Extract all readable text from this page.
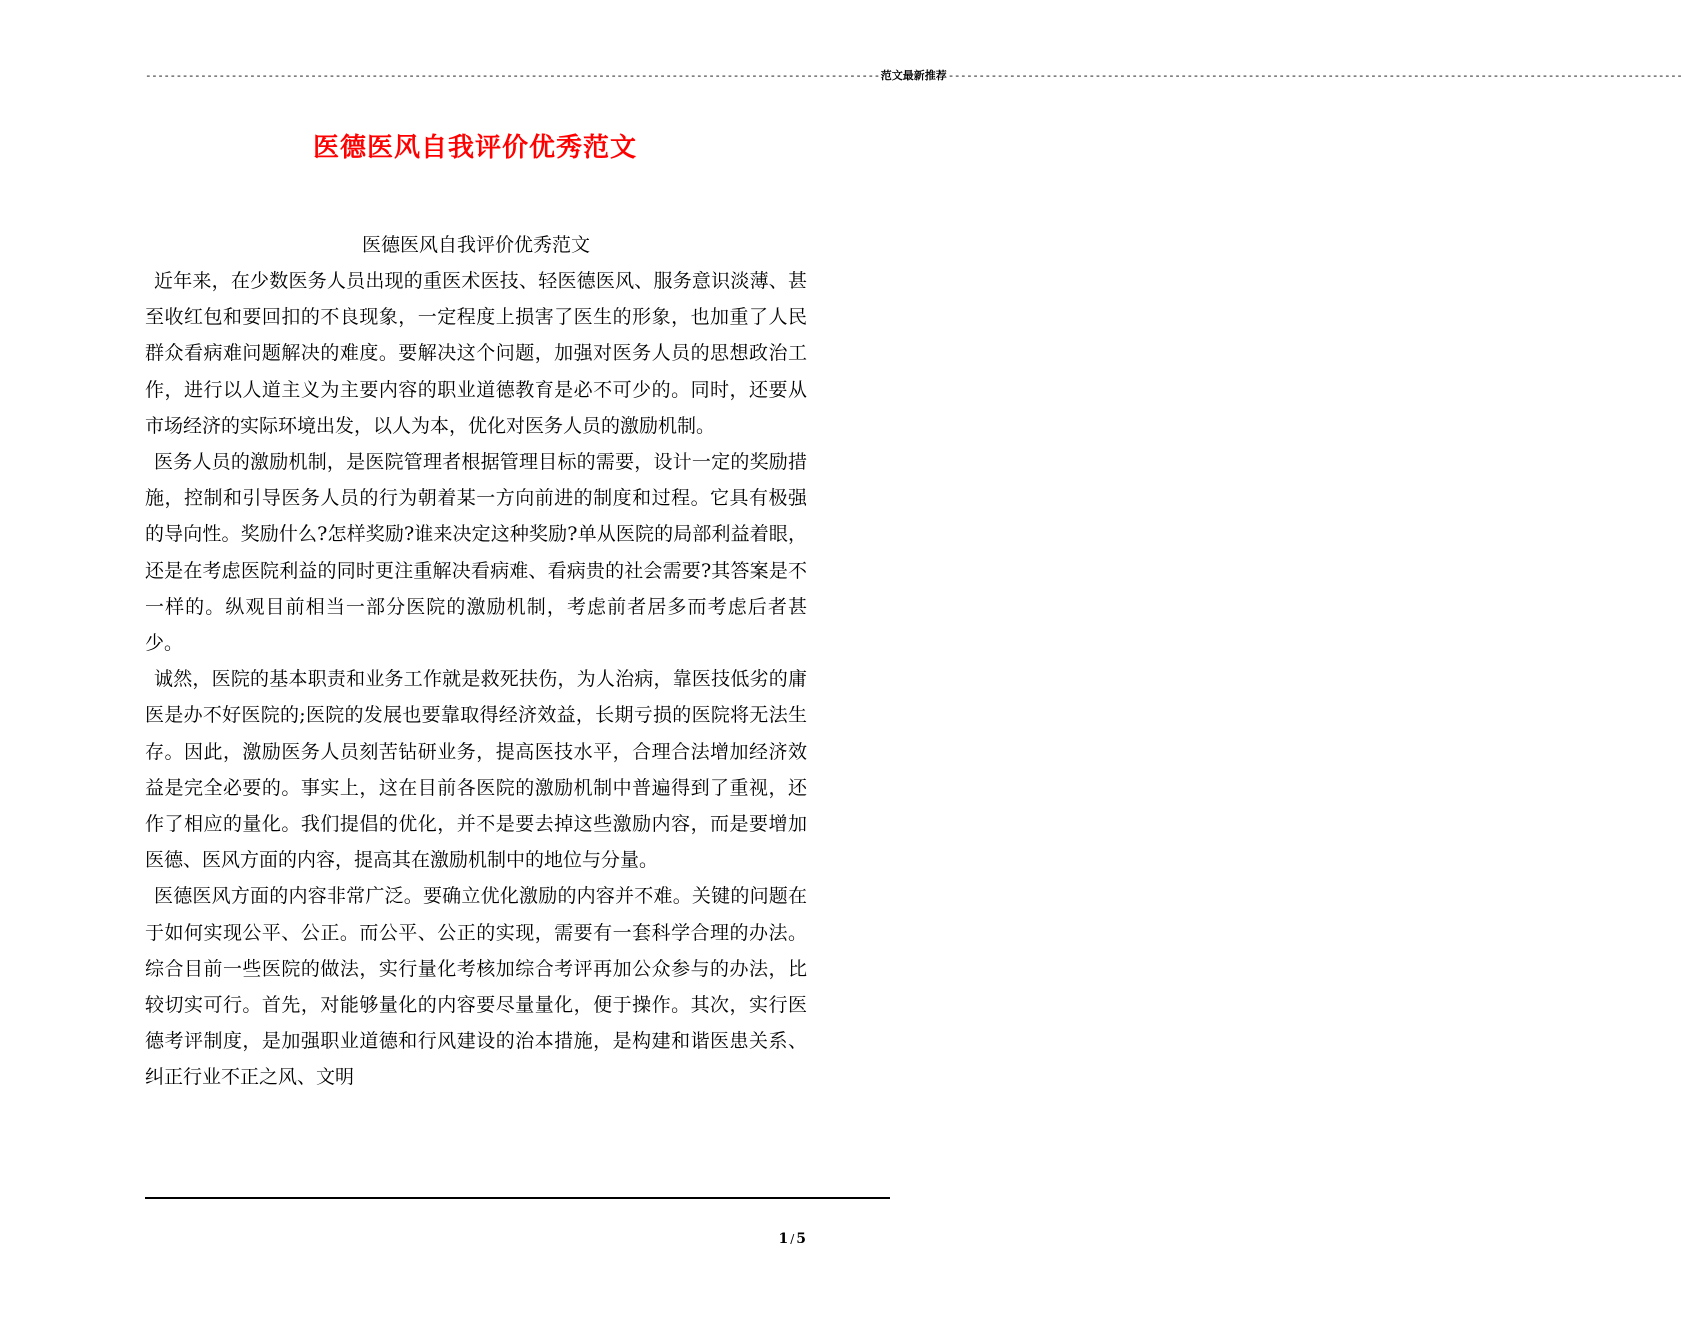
------------------------------------------------------------------------------------------------------------------------ 范文最新推荐 ------------------------------------------------------------------------------------------------------------------------
医德医风自我评价优秀范文

医德医风自我评价优秀范文

近年来，在少数医务人员出现的重医术医技、轻医德医风、服务意识淡薄、甚至收红包和要回扣的不良现象，一定程度上损害了医生的形象，也加重了人民群众看病难问题解决的难度。要解决这个问题，加强对医务人员的思想政治工作，进行以人道主义为主要内容的职业道德教育是必不可少的。同时，还要从市场经济的实际环境出发，以人为本，优化对医务人员的激励机制。

医务人员的激励机制，是医院管理者根据管理目标的需要，设计一定的奖励措施，控制和引导医务人员的行为朝着某一方向前进的制度和过程。它具有极强的导向性。奖励什么?怎样奖励?谁来决定这种奖励?单从医院的局部利益着眼，还是在考虑医院利益的同时更注重解决看病难、看病贵的社会需要?其答案是不一样的。纵观目前相当一部分医院的激励机制，考虑前者居多而考虑后者甚少。

诚然，医院的基本职责和业务工作就是救死扶伤，为人治病，靠医技低劣的庸医是办不好医院的;医院的发展也要靠取得经济效益，长期亏损的医院将无法生存。因此，激励医务人员刻苦钻研业务，提高医技水平，合理合法增加经济效益是完全必要的。事实上，这在目前各医院的激励机制中普遍得到了重视，还作了相应的量化。我们提倡的优化，并不是要去掉这些激励内容，而是要增加医德、医风方面的内容，提高其在激励机制中的地位与分量。

医德医风方面的内容非常广泛。要确立优化激励的内容并不难。关键的问题在于如何实现公平、公正。而公平、公正的实现，需要有一套科学合理的办法。综合目前一些医院的做法，实行量化考核加综合考评再加公众参与的办法，比较切实可行。首先，对能够量化的内容要尽量量化，便于操作。其次，实行医德考评制度，是加强职业道德和行风建设的治本措施，是构建和谐医患关系、纠正行业不正之风、文明

1 / 5
